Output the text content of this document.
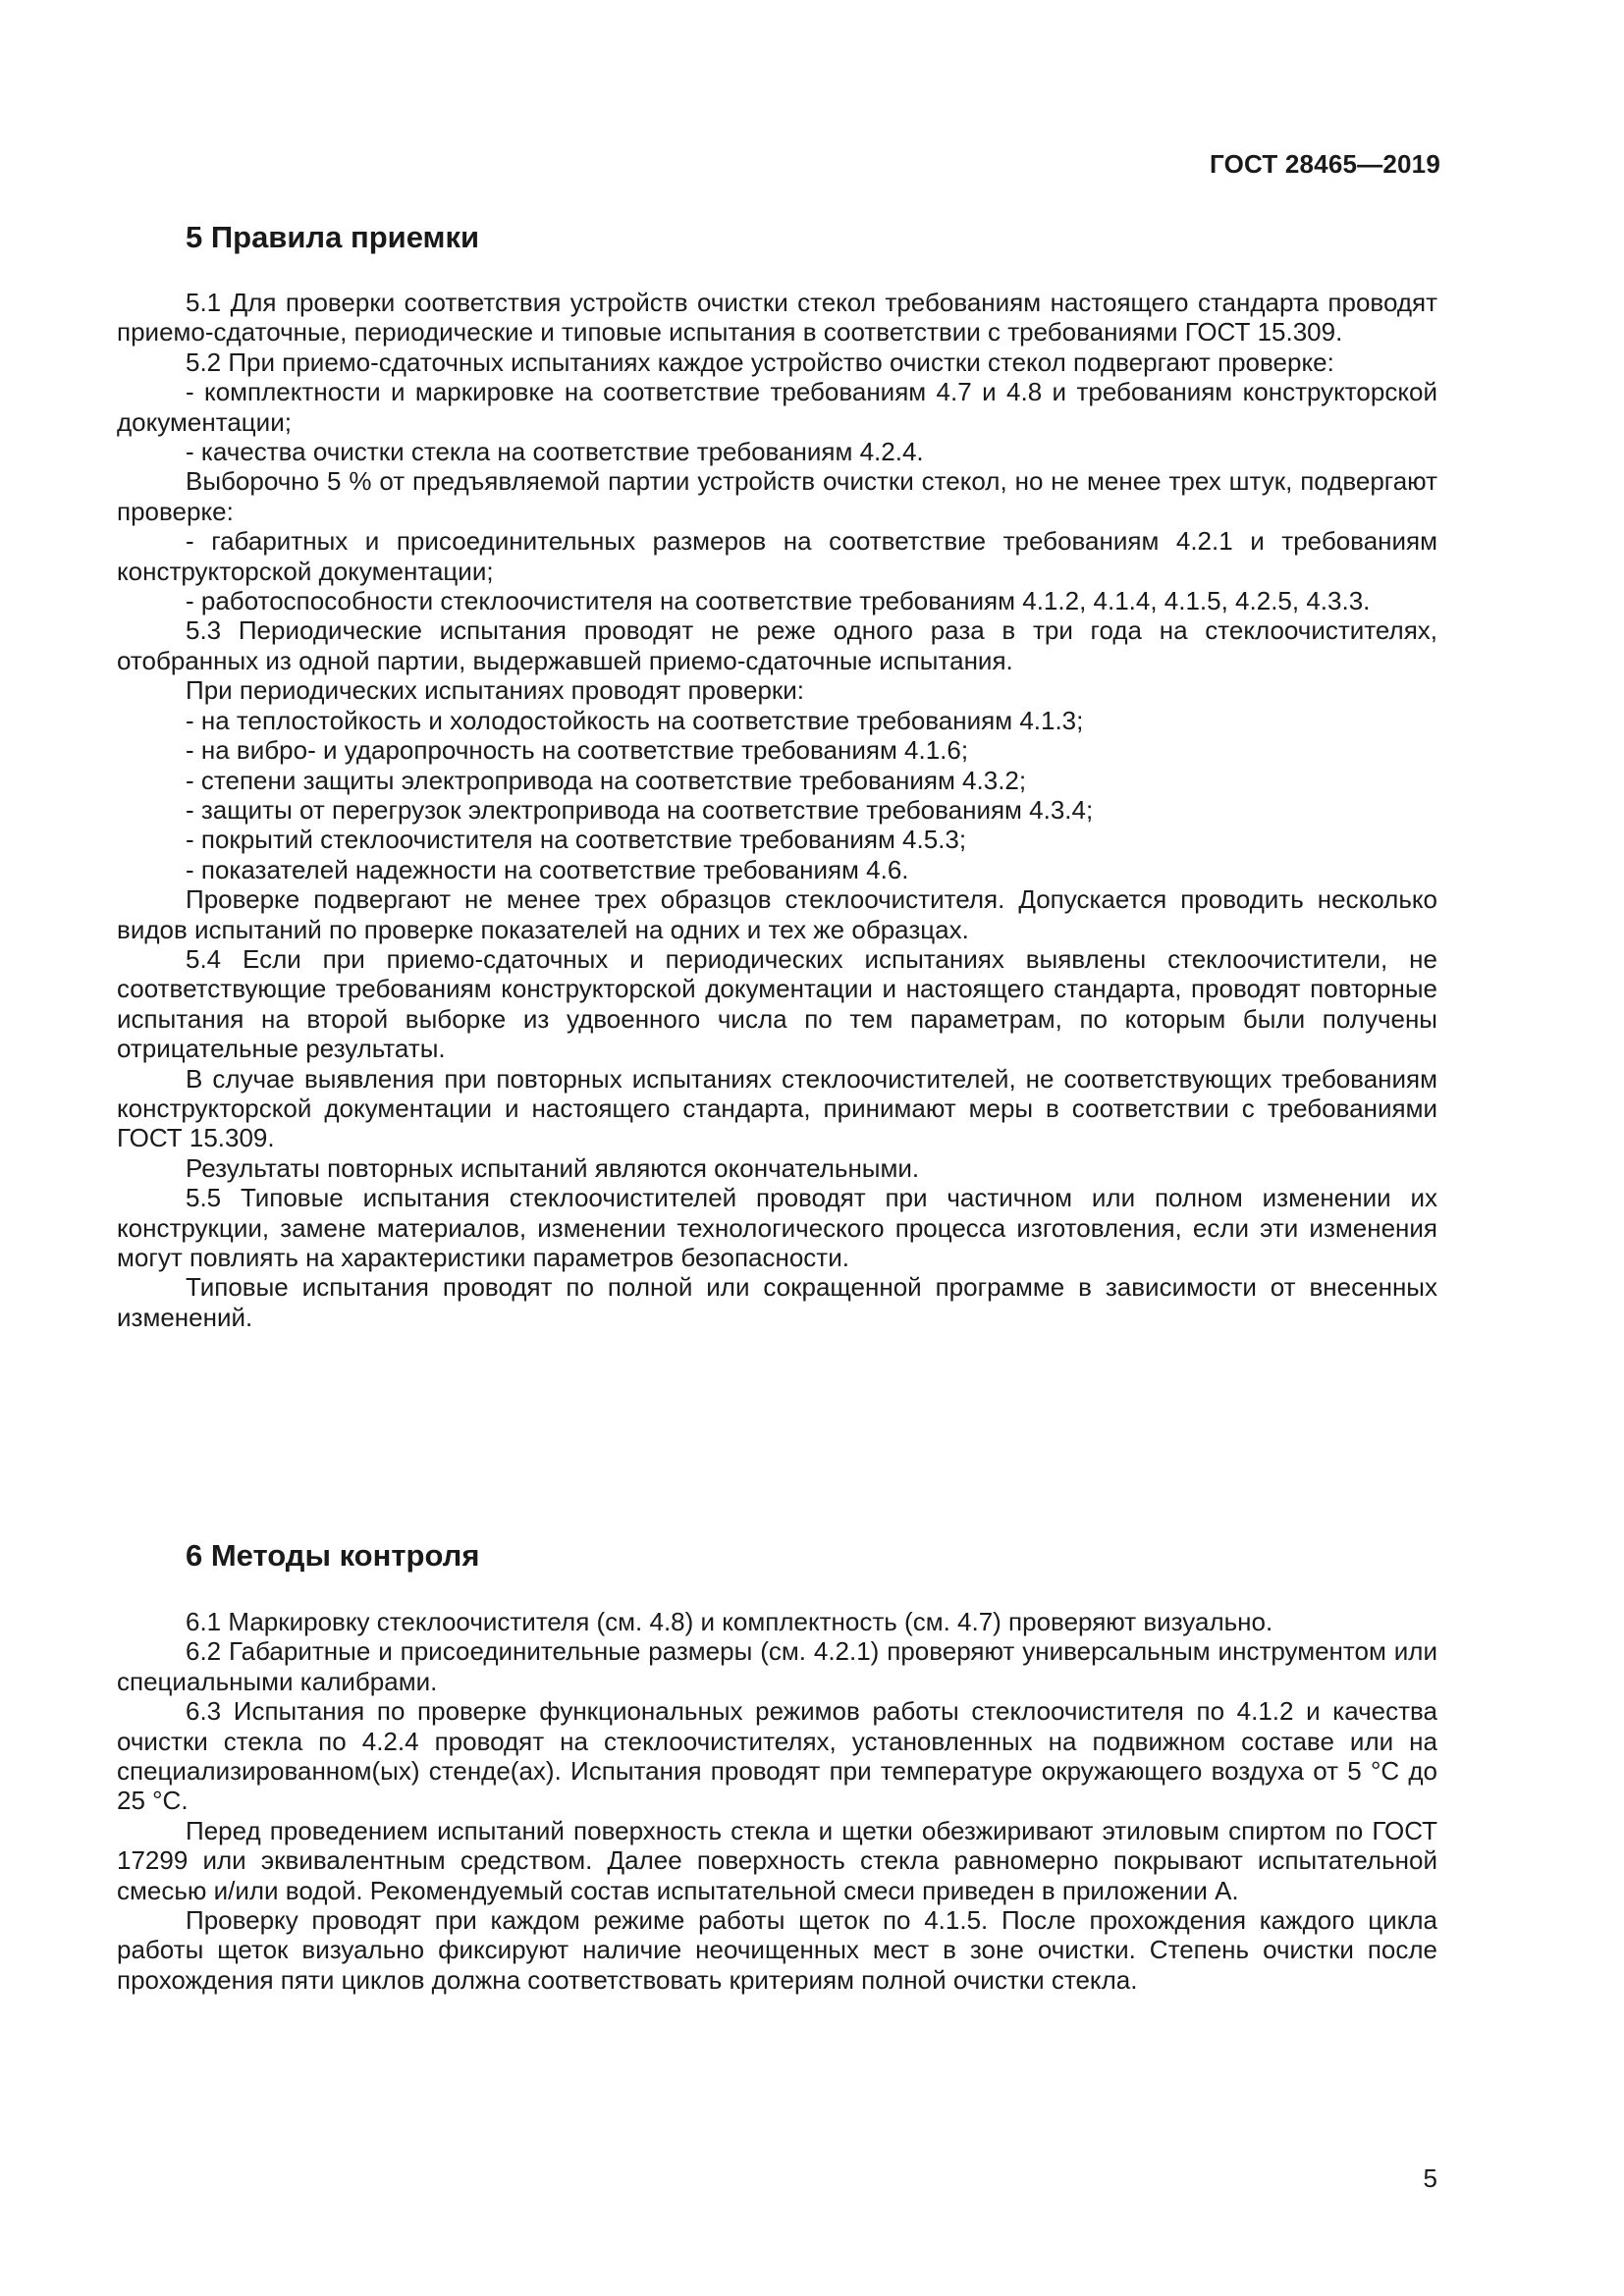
ГОСТ 28465—2019
5 Правила приемки

5.1 Для проверки соответствия устройств очистки стекол требованиям настоящего стандарта проводят приемо-сдаточные, периодические и типовые испытания в соответствии с требованиями ГОСТ 15.309.

5.2 При приемо-сдаточных испытаниях каждое устройство очистки стекол подвергают проверке:

- комплектности и маркировке на соответствие требованиям 4.7 и 4.8 и требованиям конструкторской документации;

- качества очистки стекла на соответствие требованиям 4.2.4.

Выборочно 5 % от предъявляемой партии устройств очистки стекол, но не менее трех штук, подвергают проверке:

- габаритных и присоединительных размеров на соответствие требованиям 4.2.1 и требованиям конструкторской документации;

- работоспособности стеклоочистителя на соответствие требованиям 4.1.2, 4.1.4, 4.1.5, 4.2.5, 4.3.3.

5.3 Периодические испытания проводят не реже одного раза в три года на стеклоочистителях, отобранных из одной партии, выдержавшей приемо-сдаточные испытания.

При периодических испытаниях проводят проверки:

- на теплостойкость и холодостойкость на соответствие требованиям 4.1.3;

- на вибро- и ударопрочность на соответствие требованиям 4.1.6;

- степени защиты электропривода на соответствие требованиям 4.3.2;

- защиты от перегрузок электропривода на соответствие требованиям 4.3.4;

- покрытий стеклоочистителя на соответствие требованиям 4.5.3;

- показателей надежности на соответствие требованиям 4.6.

Проверке подвергают не менее трех образцов стеклоочистителя. Допускается проводить несколько видов испытаний по проверке показателей на одних и тех же образцах.

5.4 Если при приемо-сдаточных и периодических испытаниях выявлены стеклоочистители, не соответствующие требованиям конструкторской документации и настоящего стандарта, проводят повторные испытания на второй выборке из удвоенного числа по тем параметрам, по которым были получены отрицательные результаты.

В случае выявления при повторных испытаниях стеклоочистителей, не соответствующих требованиям конструкторской документации и настоящего стандарта, принимают меры в соответствии с требованиями ГОСТ 15.309.

Результаты повторных испытаний являются окончательными.

5.5 Типовые испытания стеклоочистителей проводят при частичном или полном изменении их конструкции, замене материалов, изменении технологического процесса изготовления, если эти изменения могут повлиять на характеристики параметров безопасности.

Типовые испытания проводят по полной или сокращенной программе в зависимости от внесенных изменений.

6 Методы контроля

6.1 Маркировку стеклоочистителя (см. 4.8) и комплектность (см. 4.7) проверяют визуально.

6.2 Габаритные и присоединительные размеры (см. 4.2.1) проверяют универсальным инструментом или специальными калибрами.

6.3 Испытания по проверке функциональных режимов работы стеклоочистителя по 4.1.2 и качества очистки стекла по 4.2.4 проводят на стеклоочистителях, установленных на подвижном составе или на специализированном(ых) стенде(ах). Испытания проводят при температуре окружающего воздуха от 5 °С до 25 °С.

Перед проведением испытаний поверхность стекла и щетки обезжиривают этиловым спиртом по ГОСТ 17299 или эквивалентным средством. Далее поверхность стекла равномерно покрывают испытательной смесью и/или водой. Рекомендуемый состав испытательной смеси приведен в приложении А.

Проверку проводят при каждом режиме работы щеток по 4.1.5. После прохождения каждого цикла работы щеток визуально фиксируют наличие неочищенных мест в зоне очистки. Степень очистки после прохождения пяти циклов должна соответствовать критериям полной очистки стекла.

5
